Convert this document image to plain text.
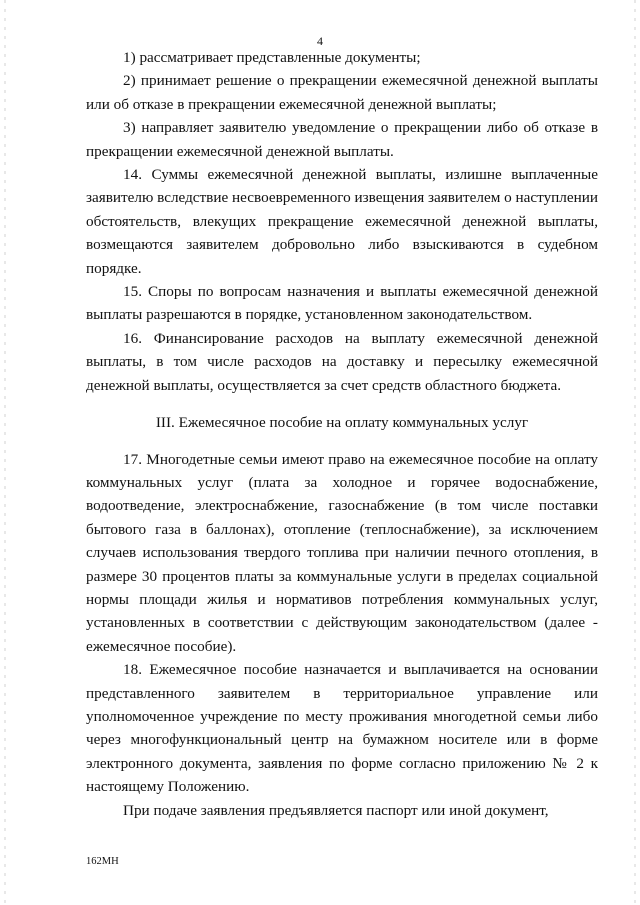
4

1) рассматривает представленные документы;

2) принимает решение о прекращении ежемесячной денежной выплаты или об отказе в прекращении ежемесячной денежной выплаты;

3) направляет заявителю уведомление о прекращении либо об отказе в прекращении ежемесячной денежной выплаты.

14. Суммы ежемесячной денежной выплаты, излишне выплаченные заявителю вследствие несвоевременного извещения заявителем о наступлении обстоятельств, влекущих прекращение ежемесячной денежной выплаты, возмещаются заявителем добровольно либо взыскиваются в судебном порядке.

15. Споры по вопросам назначения и выплаты ежемесячной денежной выплаты разрешаются в порядке, установленном законодательством.

16. Финансирование расходов на выплату ежемесячной денежной выплаты, в том числе расходов на доставку и пересылку ежемесячной денежной выплаты, осуществляется за счет средств областного бюджета.

III. Ежемесячное пособие на оплату коммунальных услуг

17. Многодетные семьи имеют право на ежемесячное пособие на оплату коммунальных услуг (плата за холодное и горячее водоснабжение, водоотведение, электроснабжение, газоснабжение (в том числе поставки бытового газа в баллонах), отопление (теплоснабжение), за исключением случаев использования твердого топлива при наличии печного отопления, в размере 30 процентов платы за коммунальные услуги в пределах социальной нормы площади жилья и нормативов потребления коммунальных услуг, установленных в соответствии с действующим законодательством (далее - ежемесячное пособие).

18. Ежемесячное пособие назначается и выплачивается на основании представленного заявителем в территориальное управление или уполномоченное учреждение по месту проживания многодетной семьи либо через многофункциональный центр на бумажном носителе или в форме электронного документа, заявления по форме согласно приложению № 2 к настоящему Положению.

При подаче заявления предъявляется паспорт или иной документ,

162МН
